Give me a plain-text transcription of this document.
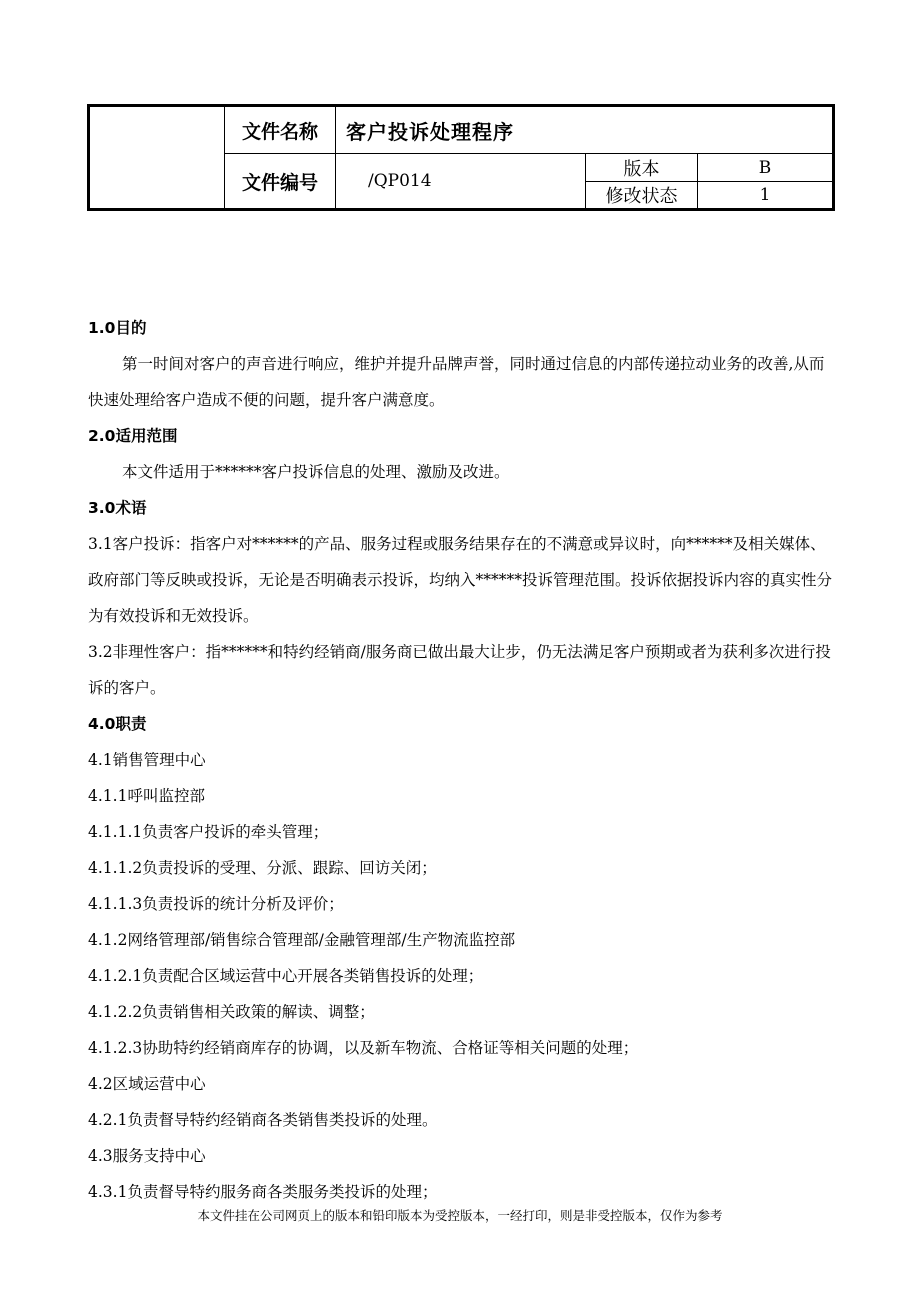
	文件名称	客户投诉处理程序		
	文件编号	/QP014	版本	B
			修改状态	1

1.0目的

第一时间对客户的声音进行响应，维护并提升品牌声誉，同时通过信息的内部传递拉动业务的改善,从而快速处理给客户造成不便的问题，提升客户满意度。

2.0适用范围

本文件适用于******客户投诉信息的处理、激励及改进。

3.0术语

3.1客户投诉：指客户对******的产品、服务过程或服务结果存在的不满意或异议时，向******及相关媒体、政府部门等反映或投诉，无论是否明确表示投诉，均纳入******投诉管理范围。投诉依据投诉内容的真实性分为有效投诉和无效投诉。

3.2非理性客户：指******和特约经销商/服务商已做出最大让步，仍无法满足客户预期或者为获利多次进行投诉的客户。

4.0职责

4.1销售管理中心

4.1.1呼叫监控部

4.1.1.1负责客户投诉的牵头管理；

4.1.1.2负责投诉的受理、分派、跟踪、回访关闭；

4.1.1.3负责投诉的统计分析及评价；

4.1.2网络管理部/销售综合管理部/金融管理部/生产物流监控部

4.1.2.1负责配合区域运营中心开展各类销售投诉的处理；

4.1.2.2负责销售相关政策的解读、调整；

4.1.2.3协助特约经销商库存的协调，以及新车物流、合格证等相关问题的处理；

4.2区域运营中心

4.2.1负责督导特约经销商各类销售类投诉的处理。

4.3服务支持中心

4.3.1负责督导特约服务商各类服务类投诉的处理；

本文件挂在公司网页上的版本和铅印版本为受控版本，一经打印，则是非受控版本，仅作为参考
